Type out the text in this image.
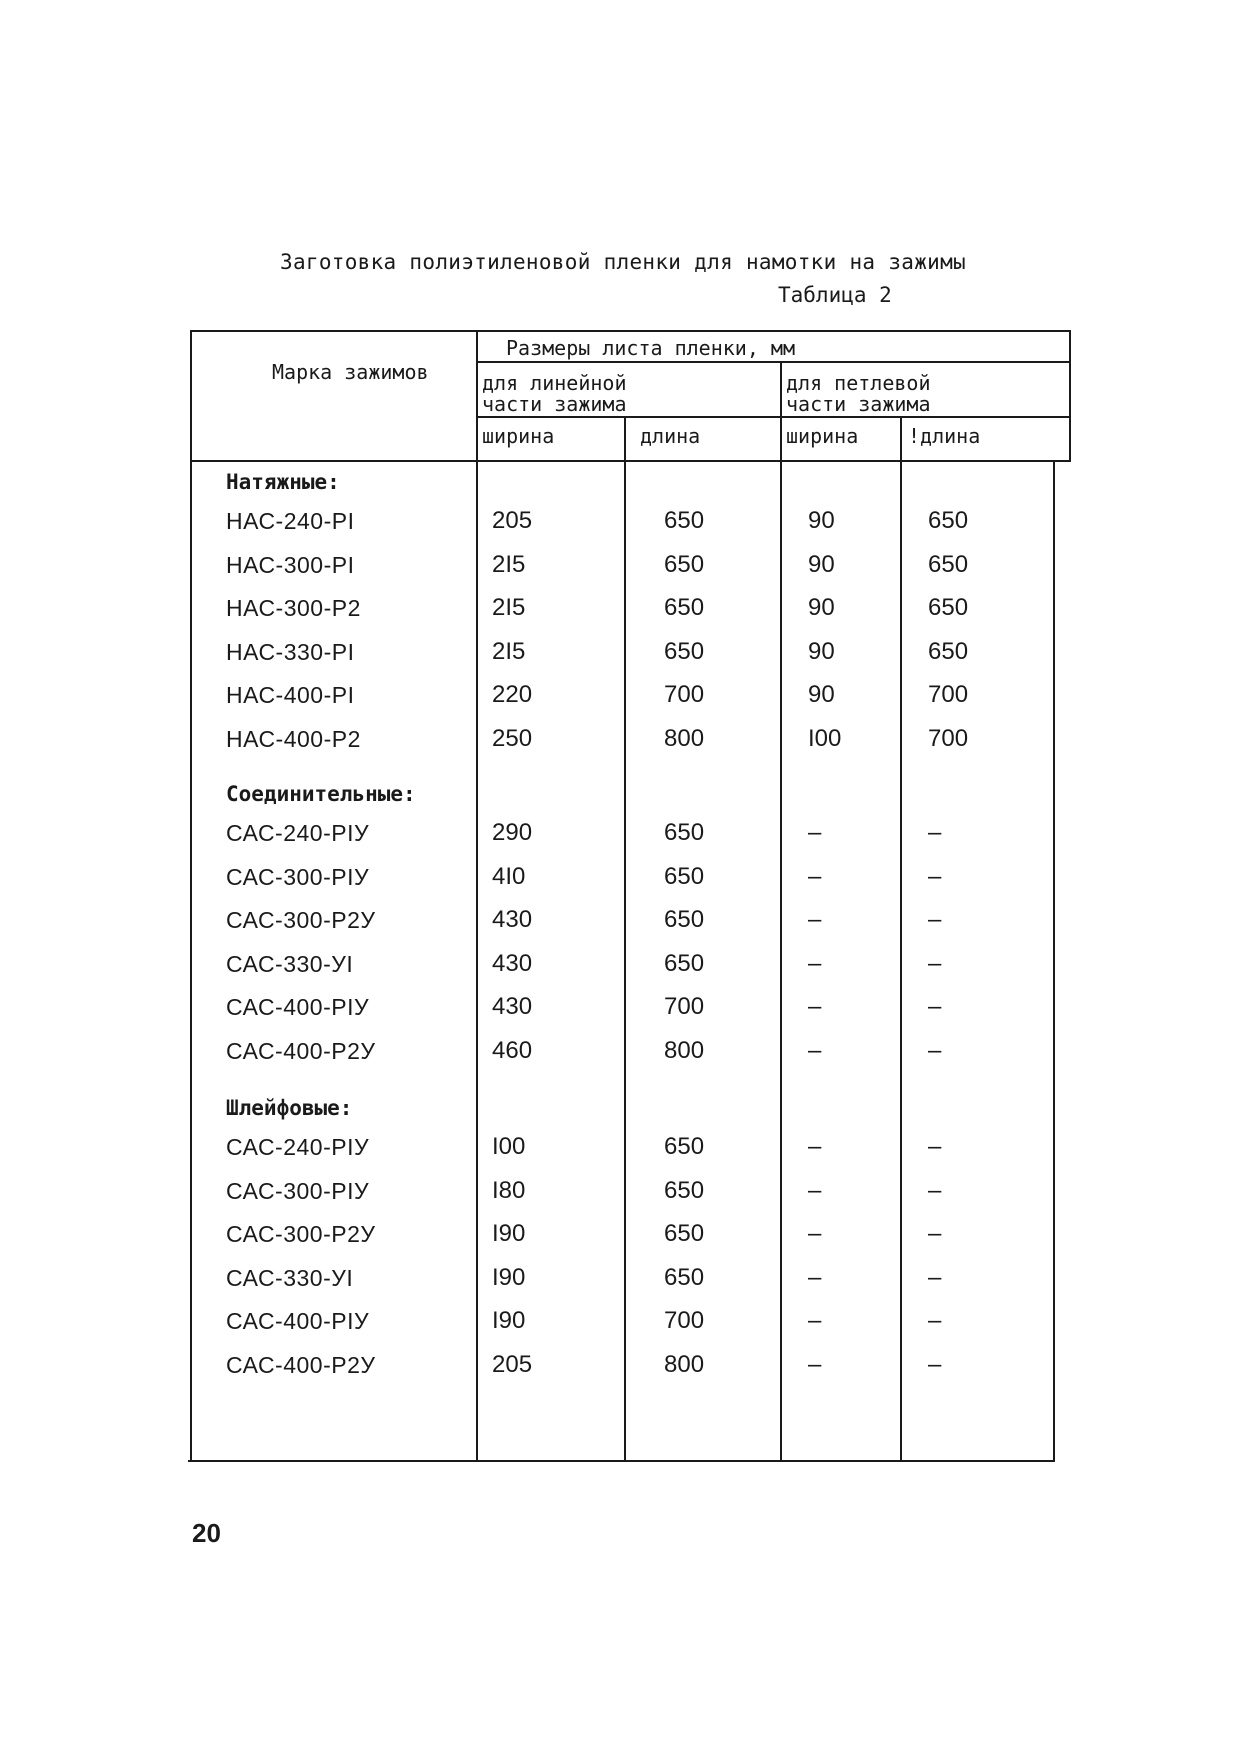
Заготовка полиэтиленовой пленки для намотки на зажимы
Таблица 2
Марка зажимов
Размеры листа пленки, мм
для линейной
части зажима
для петлевой
части зажима
ширина	длина	ширина !длина
Натяжные:
НАС-240-РI	205	650	90	650
НАС-300-РI	2I5	650	90	650
НАС-300-Р2	2I5	650	90	650
НАС-330-РI	2I5	650	90	650
НАС-400-РI	220	700	90	700
НАС-400-Р2	250	800	I00	700
Соединительные:
САС-240-РIУ	290	650	–	–
САС-300-РIУ	4I0	650	–	–
САС-300-Р2У	430	650	–	–
САС-330-УI	430	650	–	–
САС-400-РIУ	430	700	–	–
САС-400-Р2У	460	800	–	–
Шлейфовые:
САС-240-РIУ	I00	650	–	–
САС-300-РIУ	I80	650	–	–
САС-300-Р2У	I90	650	–	–
САС-330-УI	I90	650	–	–
САС-400-РIУ	I90	700	–	–
САС-400-Р2У	205	800	–	–
20
